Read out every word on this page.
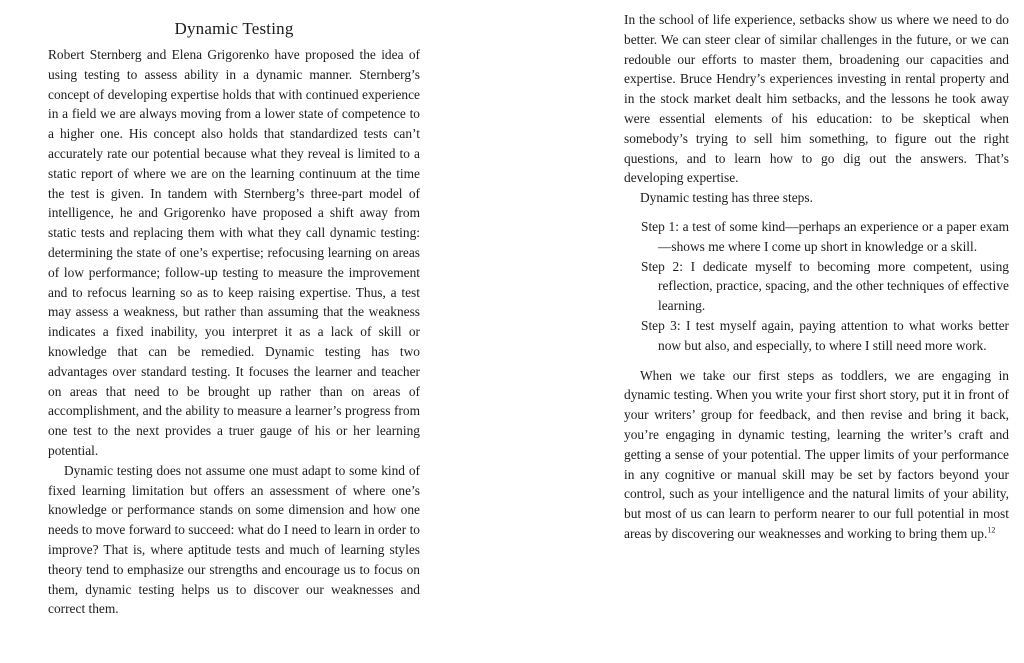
Dynamic Testing

Robert Sternberg and Elena Grigorenko have proposed the idea of using testing to assess ability in a dynamic manner. Sternberg’s concept of developing expertise holds that with continued experience in a field we are always moving from a lower state of competence to a higher one. His concept also holds that standardized tests can’t accurately rate our potential because what they reveal is limited to a static report of where we are on the learning continuum at the time the test is given. In tandem with Sternberg’s three-part model of intelligence, he and Grigorenko have proposed a shift away from static tests and replacing them with what they call dynamic testing: determining the state of one’s expertise; refocusing learning on areas of low performance; follow-up testing to measure the improvement and to refocus learning so as to keep raising expertise. Thus, a test may assess a weakness, but rather than assuming that the weakness indicates a fixed inability, you interpret it as a lack of skill or knowledge that can be remedied. Dynamic testing has two advantages over standard testing. It focuses the learner and teacher on areas that need to be brought up rather than on areas of accomplishment, and the ability to measure a learner’s progress from one test to the next provides a truer gauge of his or her learning potential.

Dynamic testing does not assume one must adapt to some kind of fixed learning limitation but offers an assessment of where one’s knowledge or performance stands on some dimension and how one needs to move forward to succeed: what do I need to learn in order to improve? That is, where aptitude tests and much of learning styles theory tend to emphasize our strengths and encourage us to focus on them, dynamic testing helps us to discover our weaknesses and correct them.

In the school of life experience, setbacks show us where we need to do better. We can steer clear of similar challenges in the future, or we can redouble our efforts to master them, broadening our capacities and expertise. Bruce Hendry’s experiences investing in rental property and in the stock market dealt him setbacks, and the lessons he took away were essential elements of his education: to be skeptical when somebody’s trying to sell him something, to figure out the right questions, and to learn how to go dig out the answers. That’s developing expertise.

Dynamic testing has three steps.

Step 1: a test of some kind—perhaps an experience or a paper exam—shows me where I come up short in knowledge or a skill.

Step 2: I dedicate myself to becoming more competent, using reflection, practice, spacing, and the other techniques of effective learning.

Step 3: I test myself again, paying attention to what works better now but also, and especially, to where I still need more work.

When we take our first steps as toddlers, we are engaging in dynamic testing. When you write your first short story, put it in front of your writers’ group for feedback, and then revise and bring it back, you’re engaging in dynamic testing, learning the writer’s craft and getting a sense of your potential. The upper limits of your performance in any cognitive or manual skill may be set by factors beyond your control, such as your intelligence and the natural limits of your ability, but most of us can learn to perform nearer to our full potential in most areas by discovering our weaknesses and working to bring them up.$^{12}$
